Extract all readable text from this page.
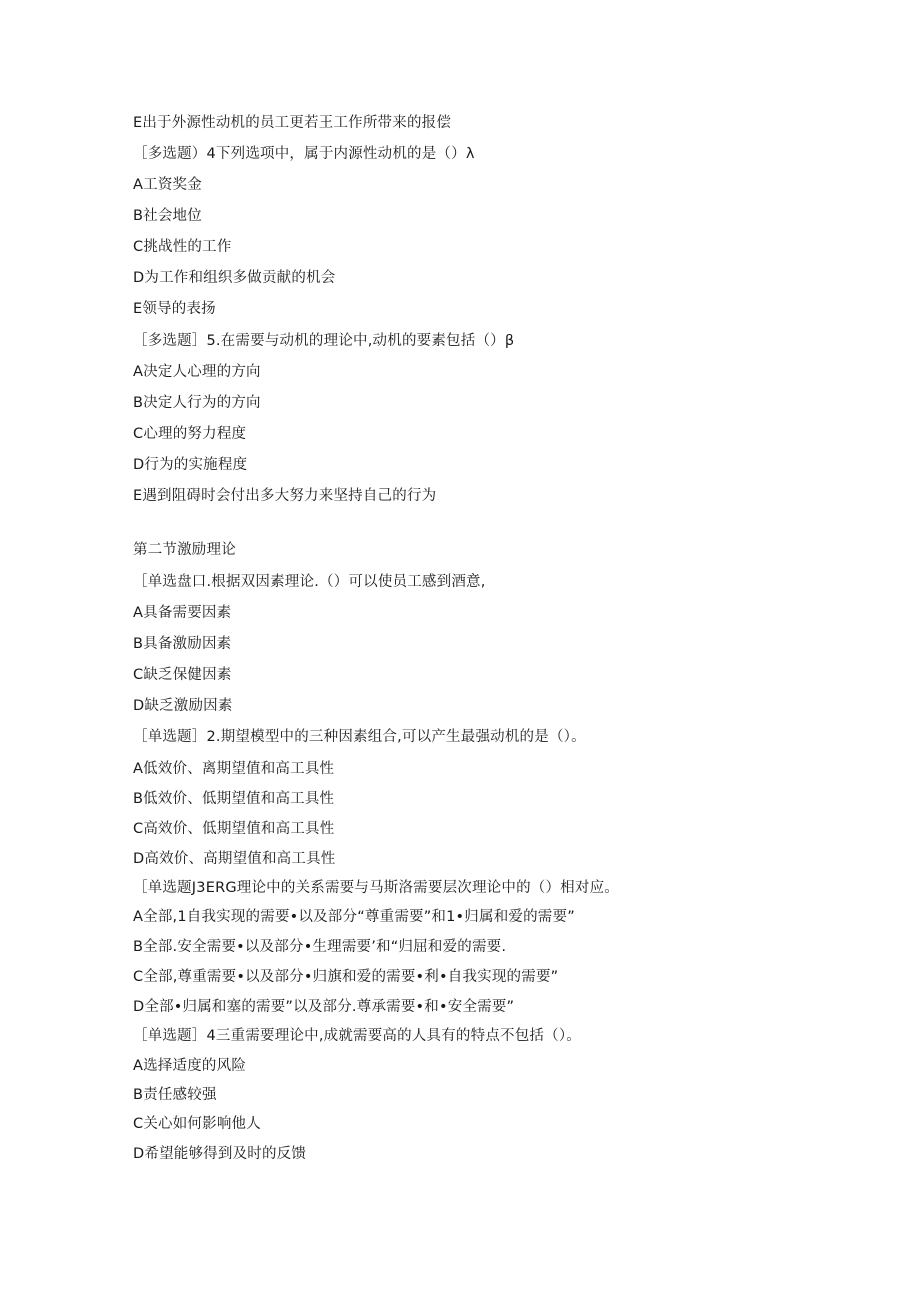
E出于外源性动机的员工更若王工作所带来的报偿
［多选题）4下列选项中，属于内源性动机的是（）λ
A工资奖金
B社会地位
C挑战性的工作
D为工作和组织多做贡献的机会
E领导的表扬
［多选题］5.在需要与动机的理论中,动机的要素包括（）β
A决定人心理的方向
B决定人行为的方向
C心理的努力程度
D行为的实施程度
E遇到阻碍时会付出多大努力来坚持自己的行为
第二节激励理论
［单选盘口.根据双因素理论.（）可以使员工感到酒意,
A具备需要因素
B具备激励因素
C缺乏保健因素
D缺乏激励因素
［单选题］2.期望模型中的三种因素组合,可以产生最强动机的是（）。
A低效价、离期望值和高工具性
B低效价、低期望值和高工具性
C高效价、低期望值和高工具性
D高效价、高期望值和高工具性
［单选题J3ERG理论中的关系需要与马斯洛需要层次理论中的（）相对应。
A全部,1自我实现的需要•以及部分“尊重需要”和1•归属和爱的需要”
B全部.安全需要•以及部分•生理需要’和“归屈和爱的需要.
C全部,尊重需要•以及部分•归旗和爱的需要•利•自我实现的需要”
D全部•归属和塞的需要”以及部分.尊承需要•和•安全需要”
［单选题］4三重需要理论中,成就需要高的人具有的特点不包括（）。
A选择适度的风险
B责任感较强
C关心如何影响他人
D希望能够得到及时的反馈
